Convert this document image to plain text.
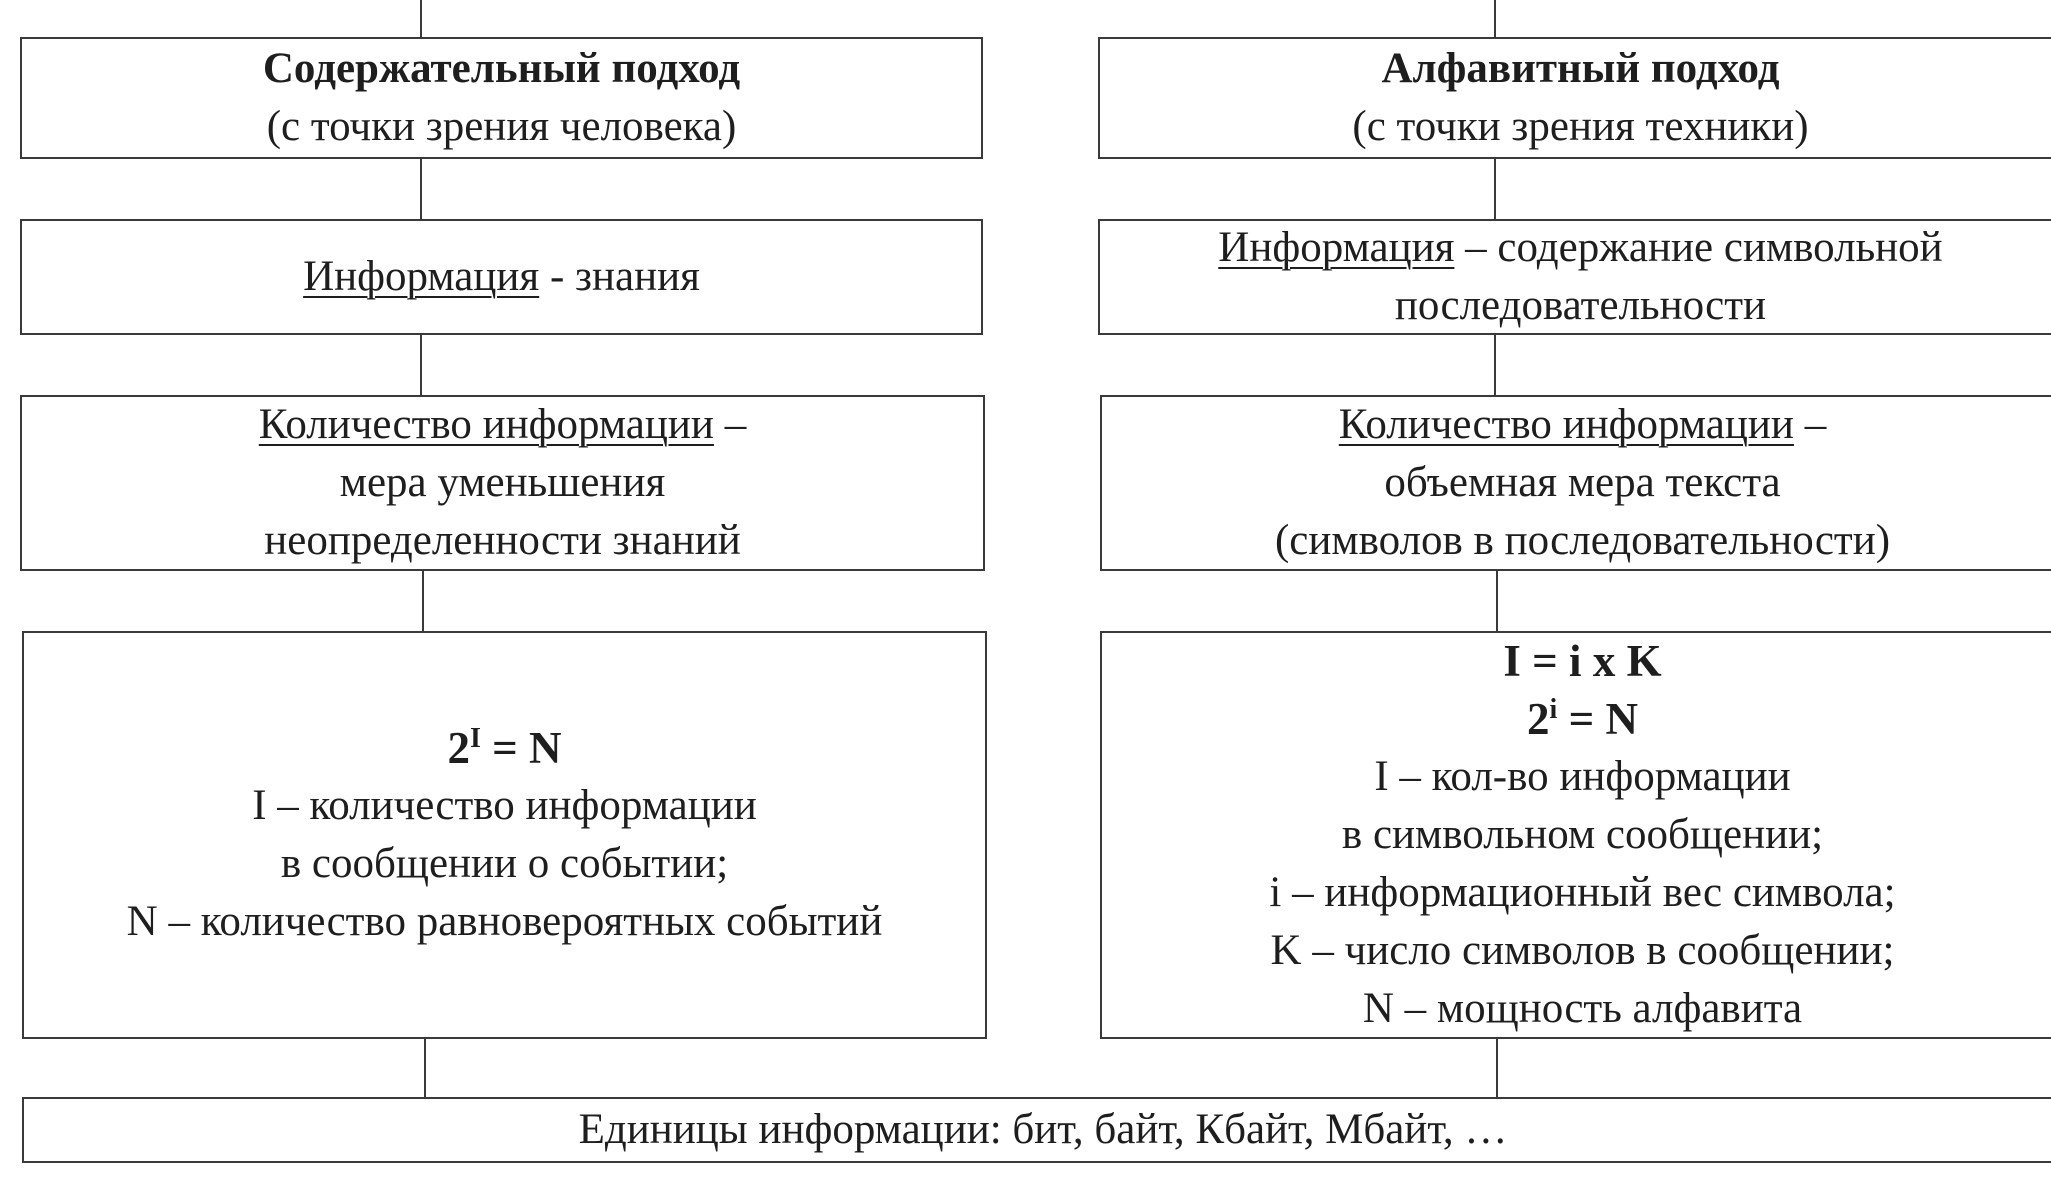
Содержательный подход
(с точки зрения человека)
Информация - знания
Количество информации –
мера уменьшения
неопределенности знаний
$2^I = N$
I – количество информации
в сообщении о событии;
N – количество равновероятных событий
Алфавитный подход
(с точки зрения техники)
Информация – содержание символьной
последовательности
Количество информации –
объемная мера текста
(символов в последовательности)
I = i x K
$2^i = N$
I – кол-во информации
в символьном сообщении;
i – информационный вес символа;
K – число символов в сообщении;
N – мощность алфавита
Единицы информации: бит, байт, Кбайт, Мбайт, …
